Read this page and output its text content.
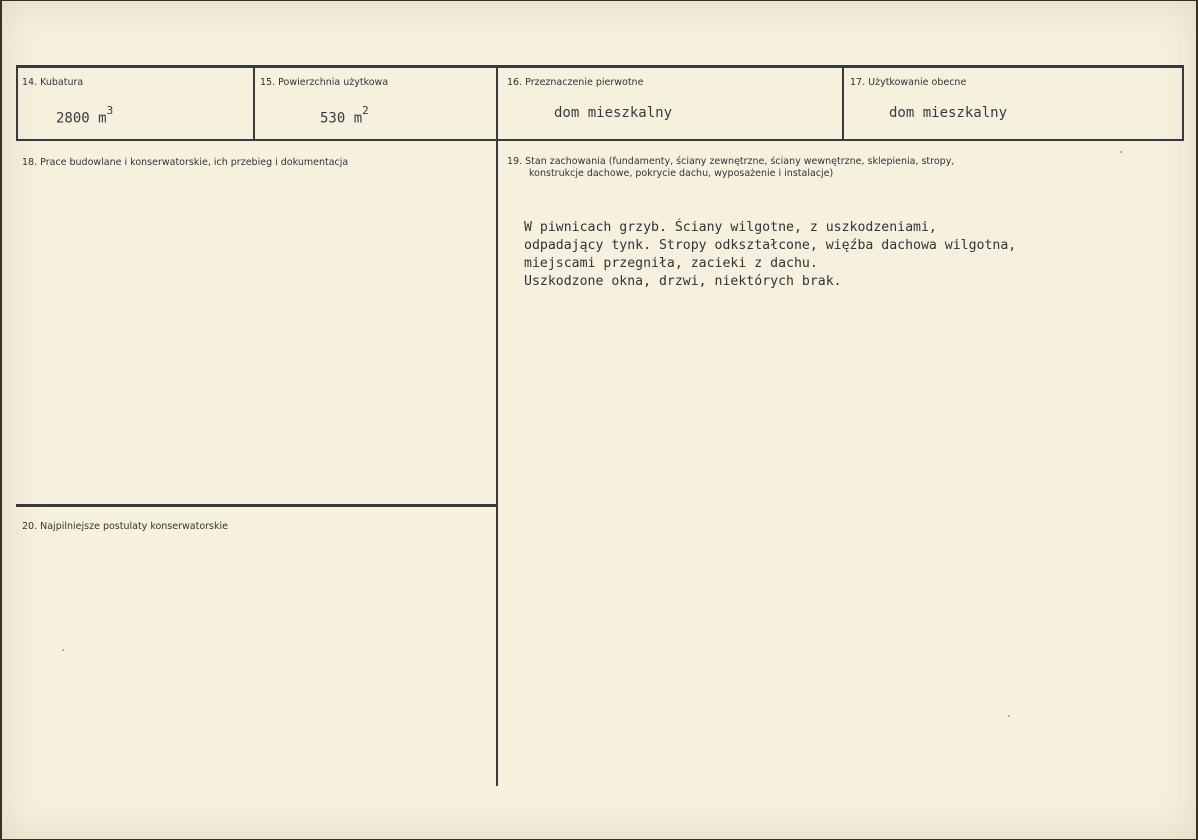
14. Kubatura
2800 $m^3$
15. Powierzchnia użytkowa
530 $m^2$
16. Przeznaczenie pierwotne
dom mieszkalny
17. Użytkowanie obecne
dom mieszkalny
18. Prace budowlane i konserwatorskie, ich przebieg i dokumentacja	19. Stan zachowania (fundamenty, ściany zewnętrzne, ściany wewnętrzne, sklepienia, stropy,
konstrukcje dachowe, pokrycie dachu, wyposażenie i instalacje)

W piwnicach grzyb. Ściany wilgotne, z uszkodzeniami,
odpadający tynk. Stropy odkształcone, więźba dachowa wilgotna,
miejscami przegniła, zacieki z dachu.
Uszkodzone okna, drzwi, niektórych brak.

20. Najpilniejsze postulaty konserwatorskie
